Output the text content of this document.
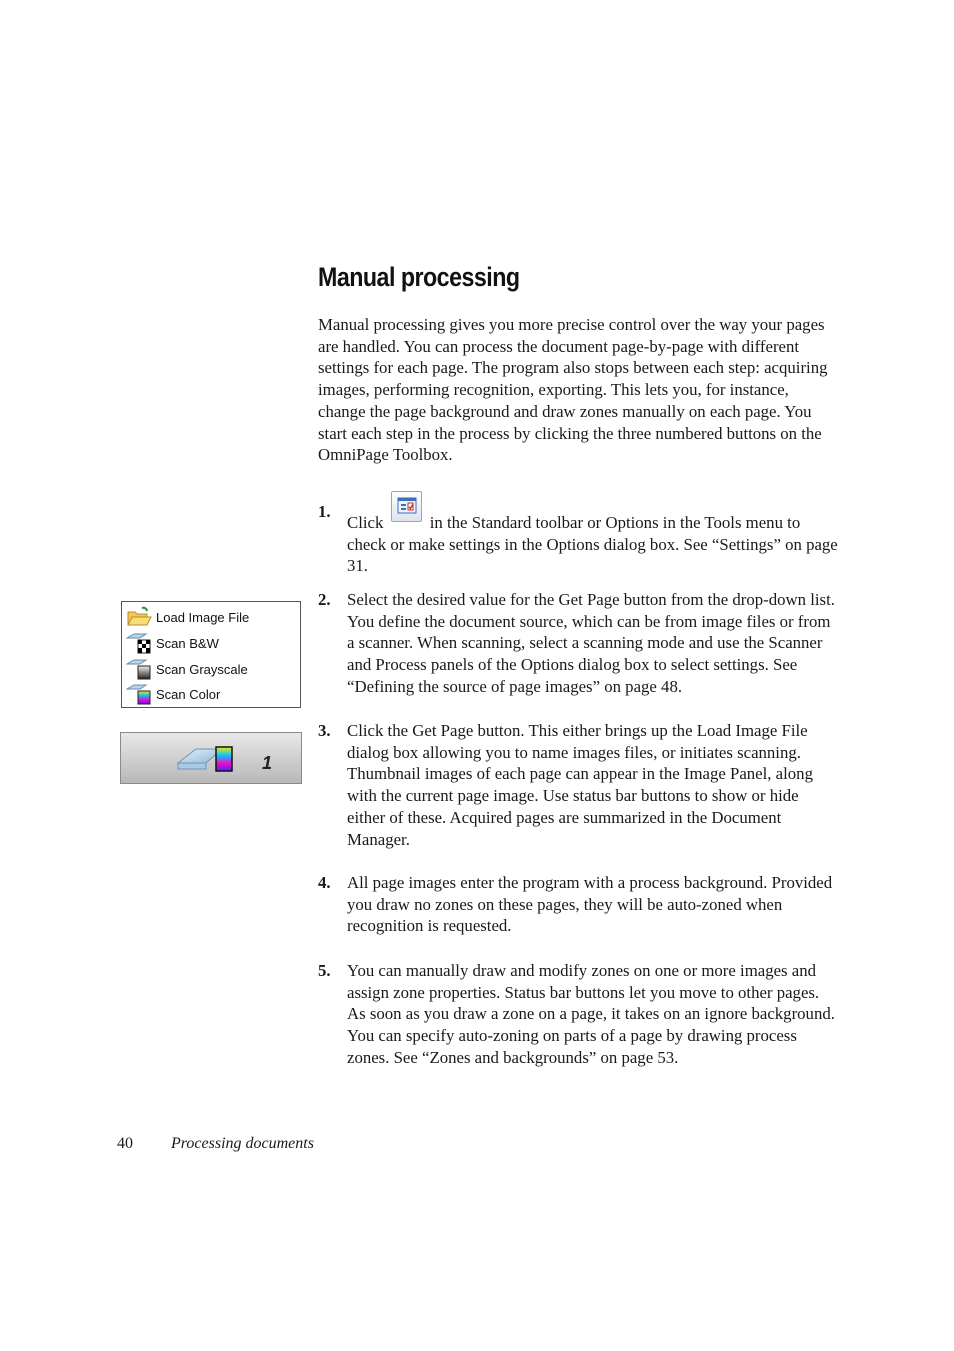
Manual processing

Manual processing gives you more precise control over the way your pages are handled. You can process the document page-by-page with different settings for each page. The program also stops between each step: acquiring images, performing recognition, exporting. This lets you, for instance, change the page background and draw zones manually on each page. You start each step in the process by clicking the three numbered buttons on the OmniPage Toolbox.

1.
Click
in the Standard toolbar or Options in the Tools menu to check or make settings in the Options dialog box. See “Settings” on page 31.
2. Select the desired value for the Get Page button from the drop-down list. You define the document source, which can be from image files or from a scanner. When scanning, select a scanning mode and use the Scanner and Process panels of the Options dialog box to select settings. See “Defining the source of page images” on page 48.
3. Click the Get Page button. This either brings up the Load Image File dialog box allowing you to name images files, or initiates scanning. Thumbnail images of each page can appear in the Image Panel, along with the current page image. Use status bar buttons to show or hide either of these. Acquired pages are summarized in the Document Manager.
4. All page images enter the program with a process background. Provided you draw no zones on these pages, they will be auto-zoned when recognition is requested.
5. You can manually draw and modify zones on one or more images and assign zone properties. Status bar buttons let you move to other pages. As soon as you draw a zone on a page, it takes on an ignore background. You can specify auto-zoning on parts of a page by drawing process zones. See “Zones and backgrounds” on page 53.
Load Image File
Scan B&W
Scan Grayscale
Scan Color
1
40 Processing documents
